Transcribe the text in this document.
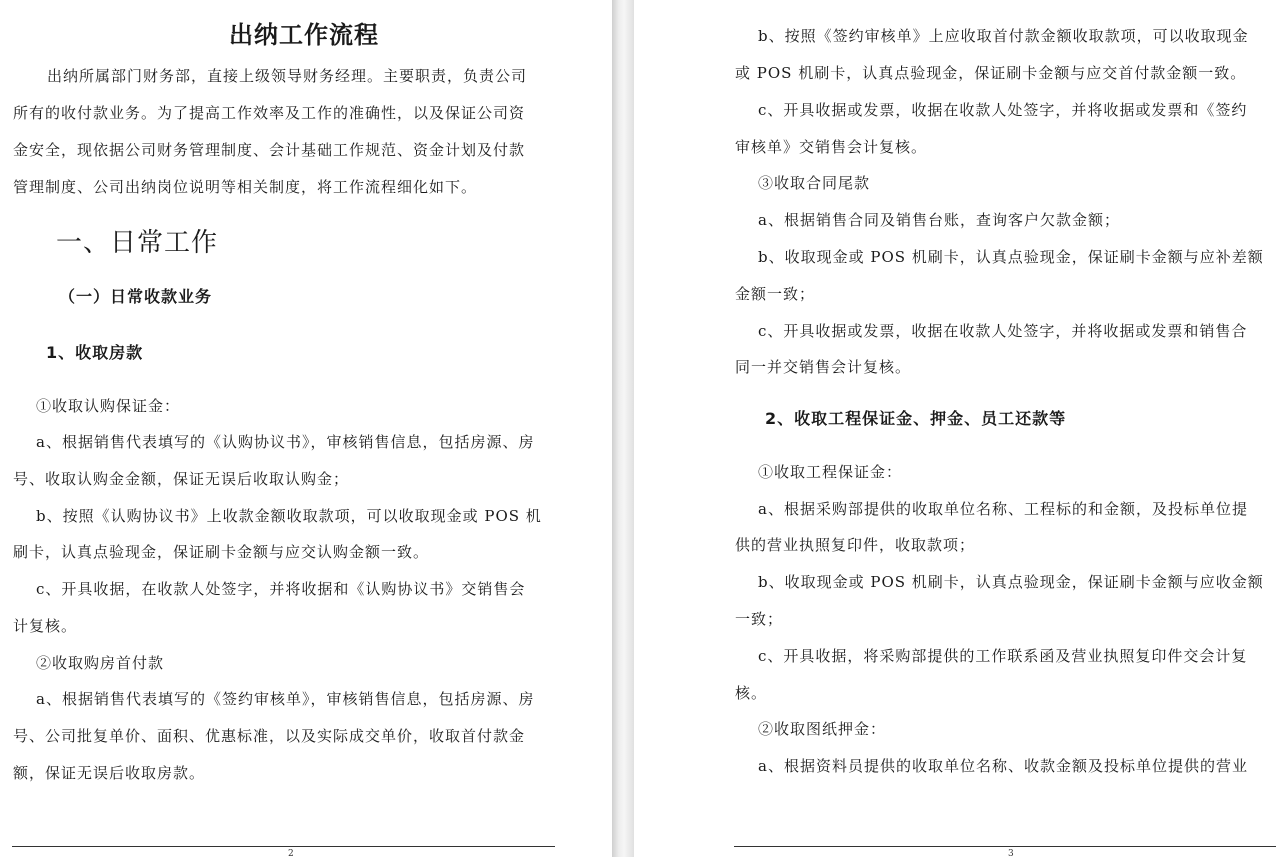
出纳工作流程
出纳所属部门财务部，直接上级领导财务经理。主要职责，负责公司
所有的收付款业务。为了提高工作效率及工作的准确性，以及保证公司资
金安全，现依据公司财务管理制度、会计基础工作规范、资金计划及付款
管理制度、公司出纳岗位说明等相关制度，将工作流程细化如下。
一、日常工作
（一）日常收款业务
1、收取房款
①收取认购保证金：
a、根据销售代表填写的《认购协议书》，审核销售信息，包括房源、房
号、收取认购金金额，保证无误后收取认购金；
b、按照《认购协议书》上收款金额收取款项，可以收取现金或 POS 机
刷卡，认真点验现金，保证刷卡金额与应交认购金额一致。
c、开具收据，在收款人处签字，并将收据和《认购协议书》交销售会
计复核。
②收取购房首付款
a、根据销售代表填写的《签约审核单》，审核销售信息，包括房源、房
号、公司批复单价、面积、优惠标准，以及实际成交单价，收取首付款金
额，保证无误后收取房款。
2
b、按照《签约审核单》上应收取首付款金额收取款项，可以收取现金
或 POS 机刷卡，认真点验现金，保证刷卡金额与应交首付款金额一致。
c、开具收据或发票，收据在收款人处签字，并将收据或发票和《签约
审核单》交销售会计复核。
③收取合同尾款
a、根据销售合同及销售台账，查询客户欠款金额；
b、收取现金或 POS 机刷卡，认真点验现金，保证刷卡金额与应补差额
金额一致；
c、开具收据或发票，收据在收款人处签字，并将收据或发票和销售合
同一并交销售会计复核。
2、收取工程保证金、押金、员工还款等
①收取工程保证金：
a、根据采购部提供的收取单位名称、工程标的和金额，及投标单位提
供的营业执照复印件，收取款项；
b、收取现金或 POS 机刷卡，认真点验现金，保证刷卡金额与应收金额
一致；
c、开具收据，将采购部提供的工作联系函及营业执照复印件交会计复
核。
②收取图纸押金：
a、根据资料员提供的收取单位名称、收款金额及投标单位提供的营业
@出纳
3
